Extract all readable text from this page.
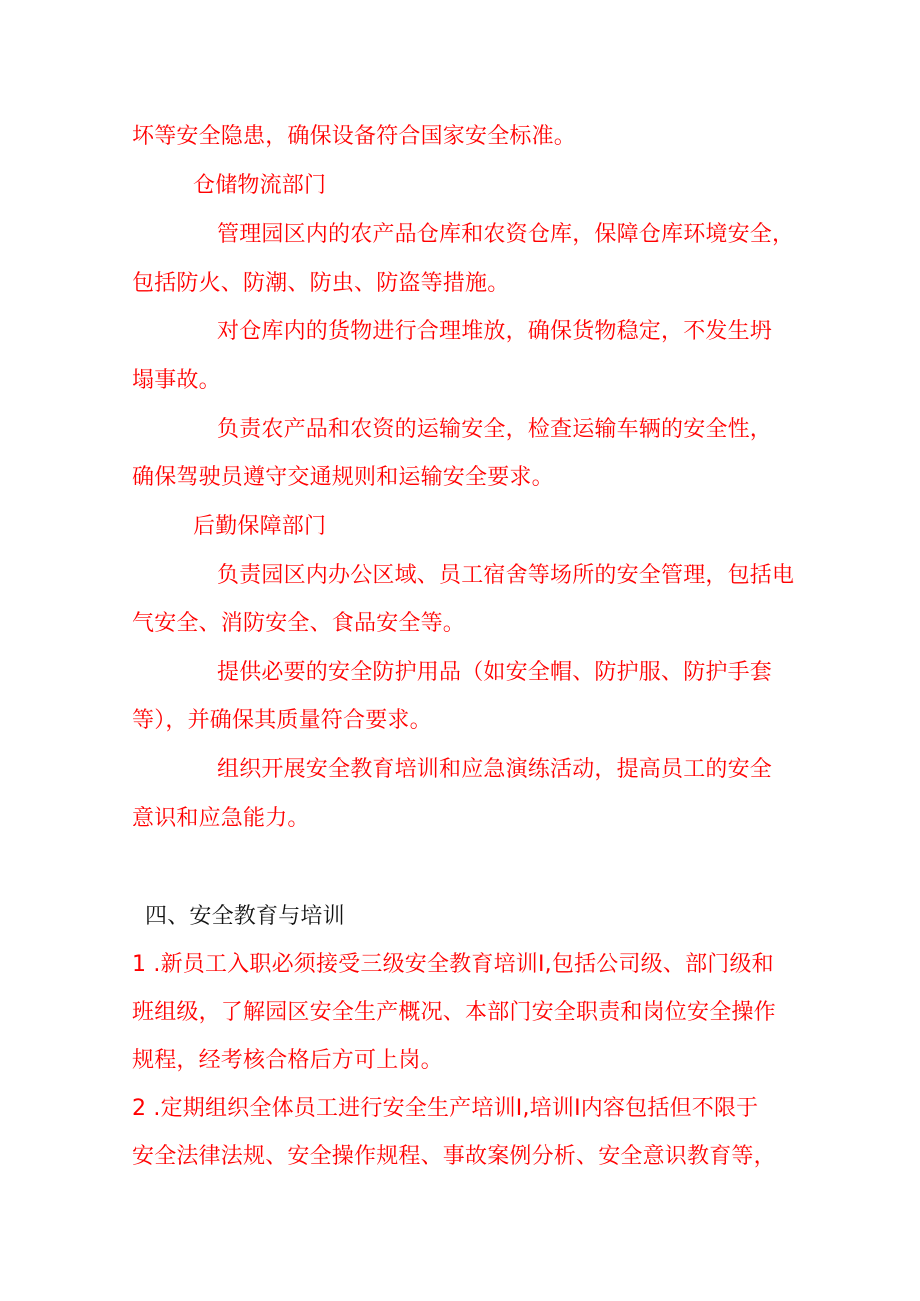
坏等安全隐患，确保设备符合国家安全标准。
仓储物流部门
管理园区内的农产品仓库和农资仓库，保障仓库环境安全，
包括防火、防潮、防虫、防盗等措施。
对仓库内的货物进行合理堆放，确保货物稳定，不发生坍
塌事故。
负责农产品和农资的运输安全，检查运输车辆的安全性，
确保驾驶员遵守交通规则和运输安全要求。
后勤保障部门
负责园区内办公区域、员工宿舍等场所的安全管理，包括电
气安全、消防安全、食品安全等。
提供必要的安全防护用品（如安全帽、防护服、防护手套
等），并确保其质量符合要求。
组织开展安全教育培训和应急演练活动，提高员工的安全
意识和应急能力。
四、安全教育与培训
1 .新员工入职必须接受三级安全教育培训I,包括公司级、部门级和
班组级，了解园区安全生产概况、本部门安全职责和岗位安全操作
规程，经考核合格后方可上岗。
2 .定期组织全体员工进行安全生产培训I,培训I内容包括但不限于
安全法律法规、安全操作规程、事故案例分析、安全意识教育等，
